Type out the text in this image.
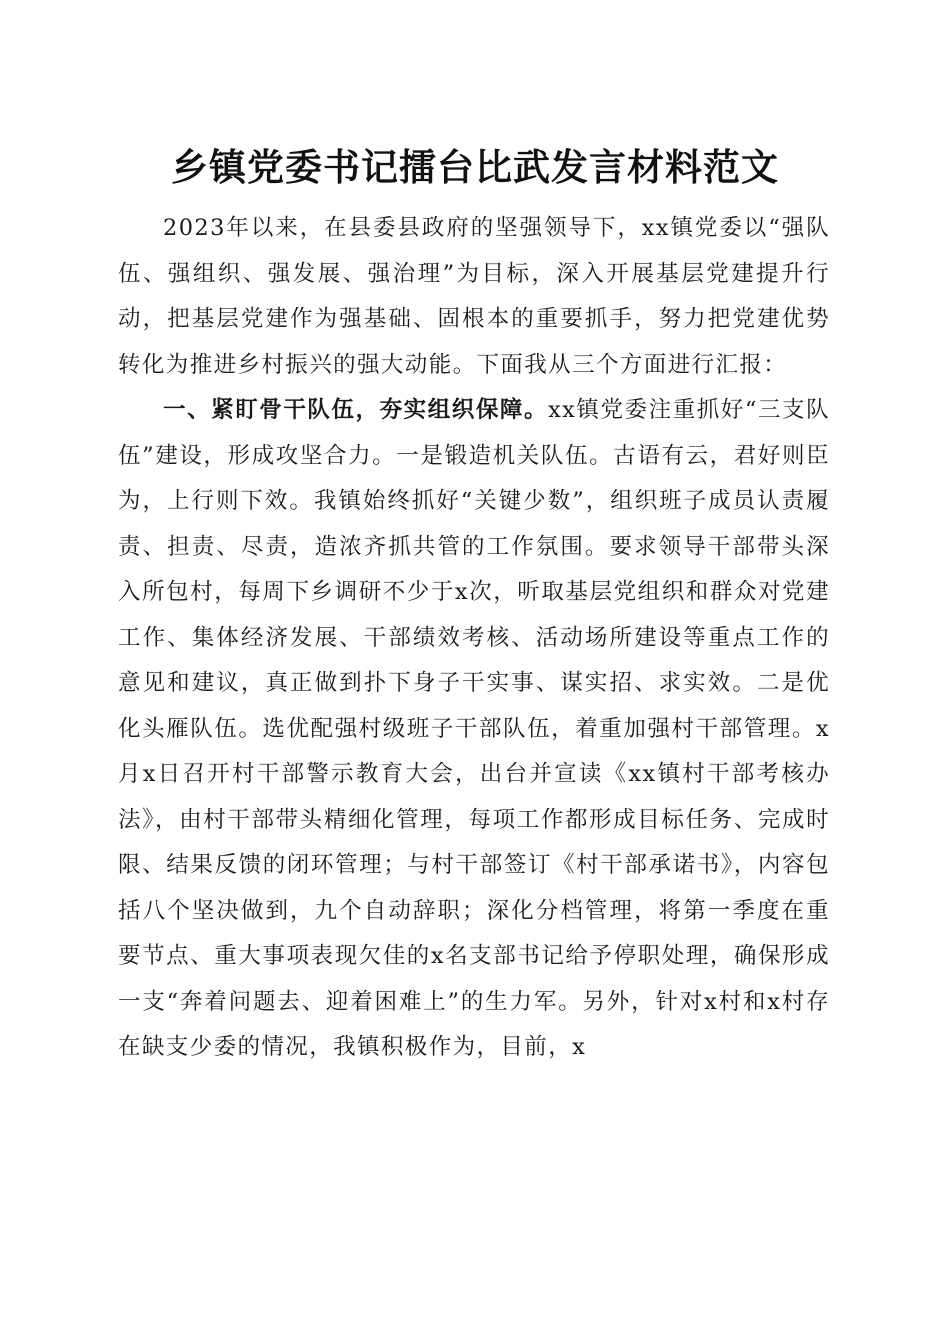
乡镇党委书记擂台比武发言材料范文

2023年以来，在县委县政府的坚强领导下，xx镇党委以“强队伍、强组织、强发展、强治理”为目标，深入开展基层党建提升行动，把基层党建作为强基础、固根本的重要抓手，努力把党建优势转化为推进乡村振兴的强大动能。下面我从三个方面进行汇报：

一、紧盯骨干队伍，夯实组织保障。xx镇党委注重抓好“三支队伍”建设，形成攻坚合力。一是锻造机关队伍。古语有云，君好则臣为，上行则下效。我镇始终抓好“关键少数”，组织班子成员认责履责、担责、尽责，造浓齐抓共管的工作氛围。要求领导干部带头深入所包村，每周下乡调研不少于x次，听取基层党组织和群众对党建工作、集体经济发展、干部绩效考核、活动场所建设等重点工作的意见和建议，真正做到扑下身子干实事、谋实招、求实效。二是优化头雁队伍。选优配强村级班子干部队伍，着重加强村干部管理。x月x日召开村干部警示教育大会，出台并宣读《xx镇村干部考核办法》，由村干部带头精细化管理，每项工作都形成目标任务、完成时限、结果反馈的闭环管理；与村干部签订《村干部承诺书》，内容包括八个坚决做到，九个自动辞职；深化分档管理，将第一季度在重要节点、重大事项表现欠佳的x名支部书记给予停职处理，确保形成一支“奔着问题去、迎着困难上”的生力军。另外，针对x村和x村存在缺支少委的情况，我镇积极作为，目前，x
